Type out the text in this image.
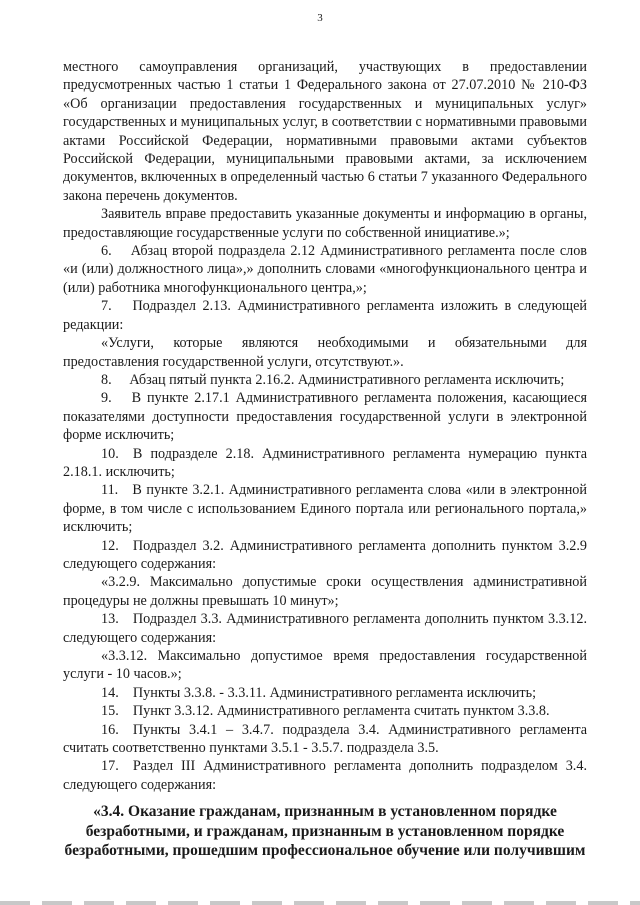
3

местного самоуправления организаций, участвующих в предоставлении предусмотренных частью 1 статьи 1 Федерального закона от 27.07.2010 № 210-ФЗ «Об организации предоставления государственных и муниципальных услуг» государственных и муниципальных услуг, в соответствии с нормативными правовыми актами Российской Федерации, нормативными правовыми актами субъектов Российской Федерации, муниципальными правовыми актами, за исключением документов, включенных в определенный частью 6 статьи 7 указанного Федерального закона перечень документов.

Заявитель вправе предоставить указанные документы и информацию в органы, предоставляющие государственные услуги по собственной инициативе.»;

6.  Абзац второй подраздела 2.12 Административного регламента после слов «и (или) должностного лица»,» дополнить словами «многофункционального центра и (или) работника многофункционального центра,»;

7.  Подраздел 2.13. Административного регламента изложить в следующей редакции:

«Услуги, которые являются необходимыми и обязательными для предоставления государственной услуги, отсутствуют.».

8.  Абзац пятый пункта 2.16.2. Административного регламента исключить;

9.  В пункте 2.17.1 Административного регламента положения, касающиеся показателями доступности предоставления государственной услуги в электронной форме исключить;

10. В подразделе 2.18. Административного регламента нумерацию пункта 2.18.1. исключить;

11. В пункте 3.2.1. Административного регламента слова «или в электронной форме, в том числе с использованием Единого портала или регионального портала,» исключить;

12. Подраздел 3.2. Административного регламента дополнить пунктом 3.2.9 следующего содержания:

«3.2.9. Максимально допустимые сроки осуществления административной процедуры не должны превышать 10 минут»;

13. Подраздел 3.3. Административного регламента дополнить пунктом 3.3.12. следующего содержания:

«3.3.12. Максимально допустимое время предоставления государственной услуги - 10 часов.»;

14. Пункты 3.3.8. - 3.3.11. Административного регламента исключить;

15. Пункт 3.3.12. Административного регламента считать пунктом 3.3.8.

16. Пункты 3.4.1 – 3.4.7. подраздела 3.4. Административного регламента считать соответственно пунктами 3.5.1 - 3.5.7. подраздела 3.5.

17. Раздел III Административного регламента дополнить подразделом 3.4. следующего содержания:

«3.4. Оказание гражданам, признанным в установленном порядке безработными, и гражданам, признанным в установленном порядке безработными, прошедшим профессиональное обучение или получившим
